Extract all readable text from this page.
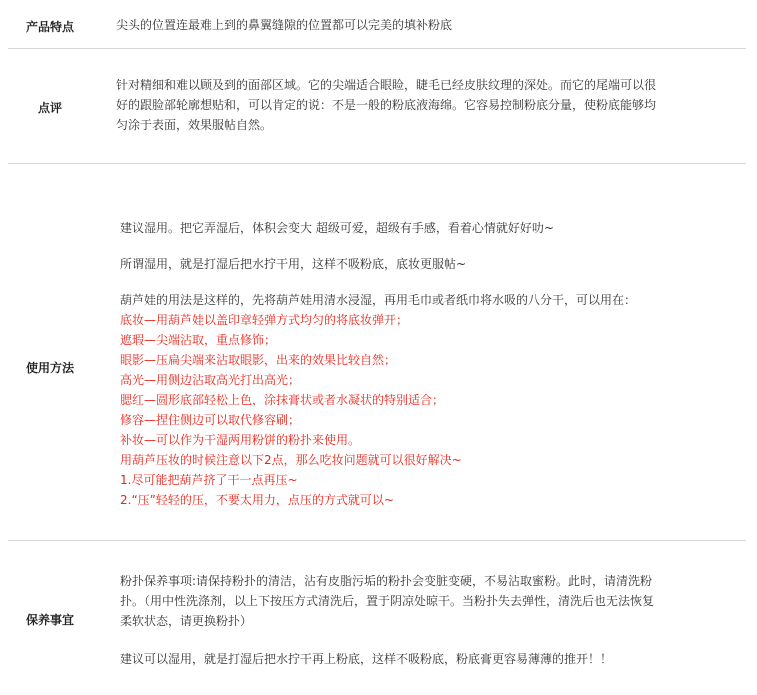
产品特点	尖头的位置连最难上到的鼻翼缝隙的位置都可以完美的填补粉底
点评
针对精细和难以顾及到的面部区域。它的尖端适合眼睑，睫毛已经皮肤纹理的深处。而它的尾端可以很
好的跟脸部轮廓想贴和，可以肯定的说：不是一般的粉底液海绵。它容易控制粉底分量，使粉底能够均
匀涂于表面，效果服帖自然。
使用方法
建议湿用。把它弄湿后，体积会变大 超级可爱，超级有手感，看着心情就好好叻~
所谓湿用，就是打湿后把水拧干用，这样不吸粉底，底妆更服帖~
葫芦娃的用法是这样的，先将葫芦娃用清水浸湿，再用毛巾或者纸巾将水吸的八分干，可以用在：
底妆—用葫芦娃以盖印章轻弹方式均匀的将底妆弹开；
遮瑕—尖端沾取，重点修饰；
眼影—压扁尖端来沾取眼影，出来的效果比较自然；
高光—用侧边沾取高光打出高光；
腮红—圆形底部轻松上色，涂抹膏状或者水凝状的特别适合；
修容—捏住侧边可以取代修容刷；
补妆—可以作为干湿两用粉饼的粉扑来使用。
用葫芦压妆的时候注意以下2点，那么吃妆问题就可以很好解决~
1.尽可能把葫芦挤了干一点再压~
2.“压”轻轻的压，不要太用力，点压的方式就可以~
保养事宜
粉扑保养事项:请保持粉扑的清洁，沾有皮脂污垢的粉扑会变脏变硬，不易沾取蜜粉。此时，请清洗粉
扑。（用中性洗涤剂，以上下按压方式清洗后，置于阴凉处晾干。当粉扑失去弹性，清洗后也无法恢复
柔软状态，请更换粉扑）
建议可以湿用，就是打湿后把水拧干再上粉底，这样不吸粉底，粉底膏更容易薄薄的推开！！
